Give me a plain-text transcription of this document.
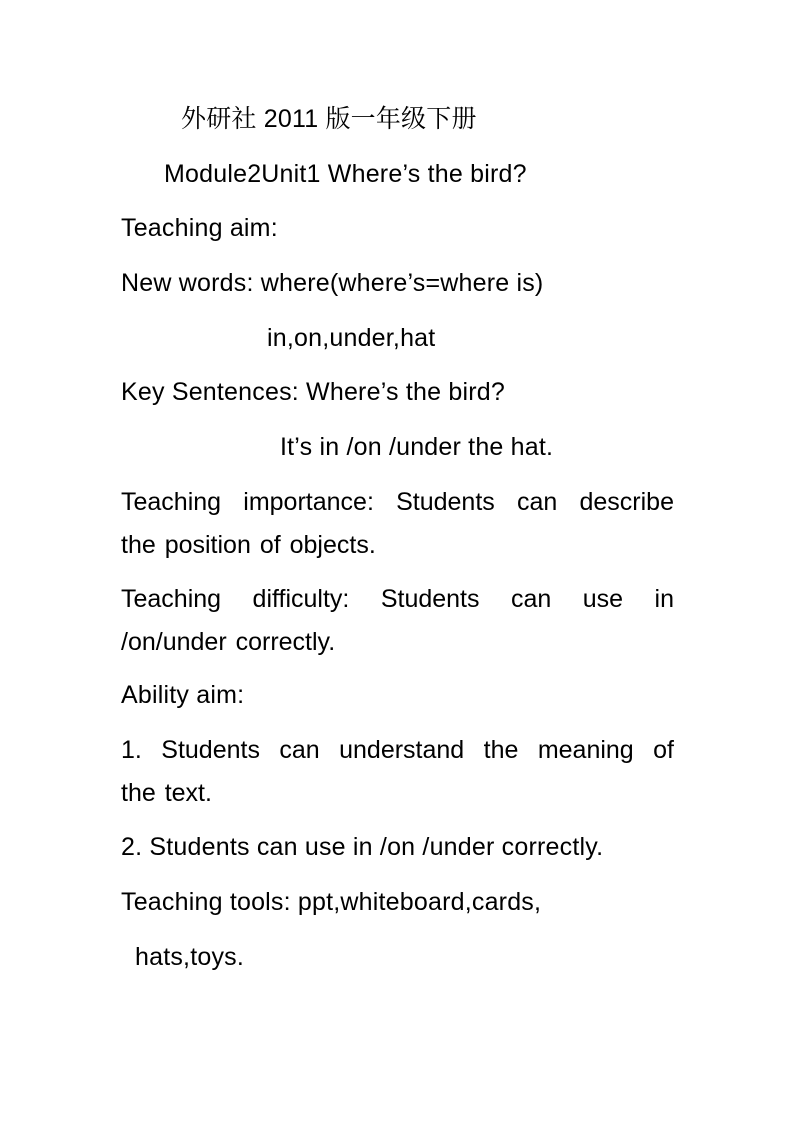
外研社 2011 版一年级下册
Module2Unit1 Where’s the bird?
Teaching aim:
New words: where(where’s=where is)
in,on,under,hat
Key Sentences: Where’s the bird?
It’s in /on /under the hat.
Teaching importance: Students can describe
the position of objects.
Teaching difficulty: Students can use in
/on/under correctly.
Ability aim:
1. Students can understand the meaning of
the text.
2. Students can use in /on /under correctly.
Teaching tools: ppt,whiteboard,cards,
hats,toys.
